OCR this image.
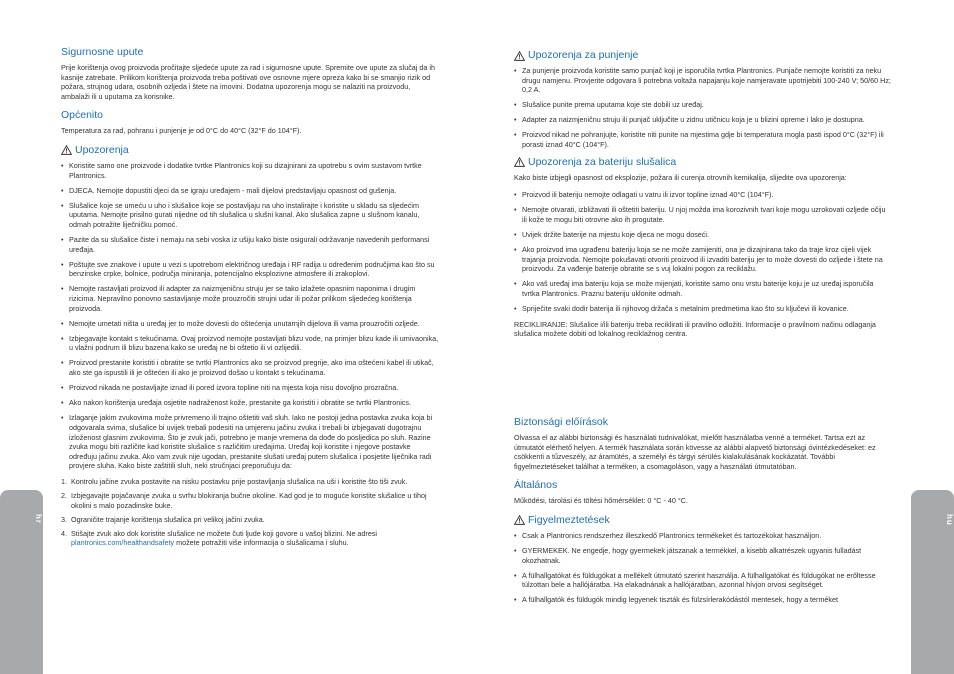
hr	hu
Sigurnosne upute

Prije korištenja ovog proizvoda pročitajte sljedeće upute za rad i sigurnosne upute. Spremite ove upute za slučaj da ih kasnije zatrebate. Prilikom korištenja proizvoda treba poštivati ove osnovne mjere opreza kako bi se smanjio rizik od požara, strujnog udara, osobnih ozljeda i štete na imovini. Dodatna upozorenja mogu se nalaziti na proizvodu, ambalaži ili u uputama za korisnike.

Općenito

Temperatura za rad, pohranu i punjenje je od 0°C do 40°C (32°F do 104°F).

Upozorenja
• Koristite samo one proizvode i dodatke tvrtke Plantronics koji su dizajnirani za upotrebu s ovim sustavom tvrtke Plantronics.
• DJECA. Nemojte dopustiti djeci da se igraju uređajem - mali dijelovi predstavljaju opasnost od gušenja.
• Slušalice koje se umeću u uho i slušalice koje se postavljaju na uho instalirajte i koristite u skladu sa sljedećim uputama. Nemojte prisilno gurati nijedne od tih slušalica u slušni kanal. Ako slušalica zapne u slušnom kanalu, odmah potražite liječničku pomoć.
• Pazite da su slušalice čiste i nemaju na sebi voska iz ušiju kako biste osigurali održavanje navedenih performansi uređaja.
• Poštujte sve znakove i upute u vezi s upotrebom električnog uređaja i RF radija u određenim područjima kao što su benzinske crpke, bolnice, područja miniranja, potencijalno eksplozivne atmosfere ili zrakoplovi.
• Nemojte rastavljati proizvod ili adapter za naizmjeničnu struju jer se tako izlažete opasnim naponima i drugim rizicima. Nepravilno ponovno sastavljanje može prouzročiti strujni udar ili požar prilikom sljedećeg korištenja proizvoda.
• Nemojte umetati ništa u uređaj jer to može dovesti do oštećenja unutarnjih dijelova ili vama prouzročiti ozljede.
• Izbjegavajte kontakt s tekućinama. Ovaj proizvod nemojte postavljati blizu vode, na primjer blizu kade ili umivaonika, u vlažni podrum ili blizu bazena kako se uređaj ne bi oštetio ili vi ozlijedili.
• Proizvod prestanite koristiti i obratite se tvrtki Plantronics ako se proizvod pregrije, ako ima oštećeni kabel ili utikač, ako ste ga ispustili ili je oštećen ili ako je proizvod došao u kontakt s tekućinama.
• Proizvod nikada ne postavljajte iznad ili pored izvora topline niti na mjesta koja nisu dovoljno prozračna.
• Ako nakon korištenja uređaja osjetite nadraženost kože, prestanite ga koristiti i obratite se tvrtki Plantronics.
• Izlaganje jakim zvukovima može privremeno ili trajno oštetiti vaš sluh. Iako ne postoji jedna postavka zvuka koja bi odgovarala svima, slušalice bi uvijek trebali podesiti na umjerenu jačinu zvuka i trebali bi izbjegavati dugotrajnu izloženost glasnim zvukovima. Što je zvuk jači, potrebno je manje vremena da dođe do posljedica po sluh. Razine zvuka mogu biti različite kad koristite slušalice s različitim uređajima. Uređaj koji koristite i njegove postavke određuju jačinu zvuka. Ako vam zvuk nije ugodan, prestanite slušati uređaj putem slušalica i posjetite liječnika radi provjere sluha. Kako biste zaštitili sluh, neki stručnjaci preporučuju da:
1. Kontrolu jačine zvuka postavite na nisku postavku prije postavljanja slušalica na uši i koristite što tiši zvuk.
2. Izbjegavajte pojačavanje zvuka u svrhu blokiranja bučne okoline. Kad god je to moguće koristite slušalice u tihoj okolini s malo pozadinske buke.
3. Ograničite trajanje korištenja slušalica pri velikoj jačini zvuka.
4. Stišajte zvuk ako dok koristite slušalice ne možete čuti ljude koji govore u vašoj blizini. Ne adresi plantronics.com/healthandsafety možete potražiti više informacija o slušalicama i sluhu.
Upozorenja za punjenje
• Za punjenje proizvoda koristite samo punjač koji je isporučila tvrtka Plantronics. Punjače nemojte koristiti za neku drugu namjenu. Provjerite odgovara li potrebna voltaža napajanju koje namjeravate upotrijebiti 100-240 V; 50/60 Hz; 0,2 A.
• Slušalice punite prema uputama koje ste dobili uz uređaj.
• Adapter za naizmjeničnu struju ili punjač uključite u zidnu utičnicu koja je u blizini opreme i lako je dostupna.
• Proizvod nikad ne pohranjujte, koristite niti punite na mjestima gdje bi temperatura mogla pasti ispod 0°C (32°F) ili porasti iznad 40°C (104°F).
Upozorenja za bateriju slušalica

Kako biste izbjegli opasnost od eksplozije, požara ili curenja otrovnih kemikalija, slijedite ova upozorenja:

• Proizvod ili bateriju nemojte odlagati u vatru ili izvor topline iznad 40°C (104°F).
• Nemojte otvarati, izbližavati ili oštetiti bateriju. U njoj možda ima korozivnih tvari koje mogu uzrokovati ozljede očiju ili kože te mogu biti otrovne ako ih progutate.
• Uvijek držite baterije na mjestu koje djeca ne mogu doseći.
• Ako proizvod ima ugrađenu bateriju koja se ne može zamijeniti, ona je dizajnirana tako da traje kroz cijeli vijek trajanja proizvoda. Nemojte pokušavati otvoriti proizvod ili izvaditi bateriju jer to može dovesti do ozljede i štete na proizvodu. Za vađenje baterije obratite se s vuj lokalni pogon za reciklažu.
• Ako vaš uređaj ima bateriju koja se može mijenjati, koristite samo onu vrstu baterije koju je uz uređaj isporučila tvrtka Plantronics. Praznu bateriju uklonite odmah.
• Spriječite svaki dodir baterija ili njihovog držača s metalnim predmetima kao što su ključevi ili kovanice.

RECIKLIRANJE: Slušalice i/ili bateriju treba reciklirati ili pravilno odložiti. Informacije o pravilnom načinu odlaganja slušalica možete dobiti od lokalnog reciklažnog centra.

Biztonsági előírások

Olvassa el az alábbi biztonsági és használati tudnivalókat, mielőtt használatba venné a terméket. Tartsa ezt az útmutatót elérhető helyen. A termék használata során kövesse az alábbi alapvető biztonsági óvintézkedéseket: ez csökkenti a tűzveszély, az áramütés, a személyi és tárgyi sérülés kialakulásának kockázatát. További figyelmeztetéseket találhat a terméken, a csomagoláson, vagy a használati útmutatóban.

Általános

Működési, tárolási és töltési hőmérséklet: 0 °C - 40 °C.

Figyelmeztetések
• Csak a Plantronics rendszerhez illeszkedő Plantronics termékeket és tartozékokat használjon.
• GYERMEKEK. Ne engedje, hogy gyermekek játszanak a termékkel, a kisebb alkatrészek ugyanis fulladást okozhatnak.
• A fülhallgatókat és füldugókat a mellékelt útmutató szerint használja. A fülhallgatókat és füldugókat ne erőltesse túlzottan bele a hallójáratba. Ha elakadnának a hallójáratban, azonnal hívjon orvosi segítséget.
• A fülhallgatók és füldugók mindig legyenek tiszták és fülzsírlerakódástól mentesek, hogy a terméket
